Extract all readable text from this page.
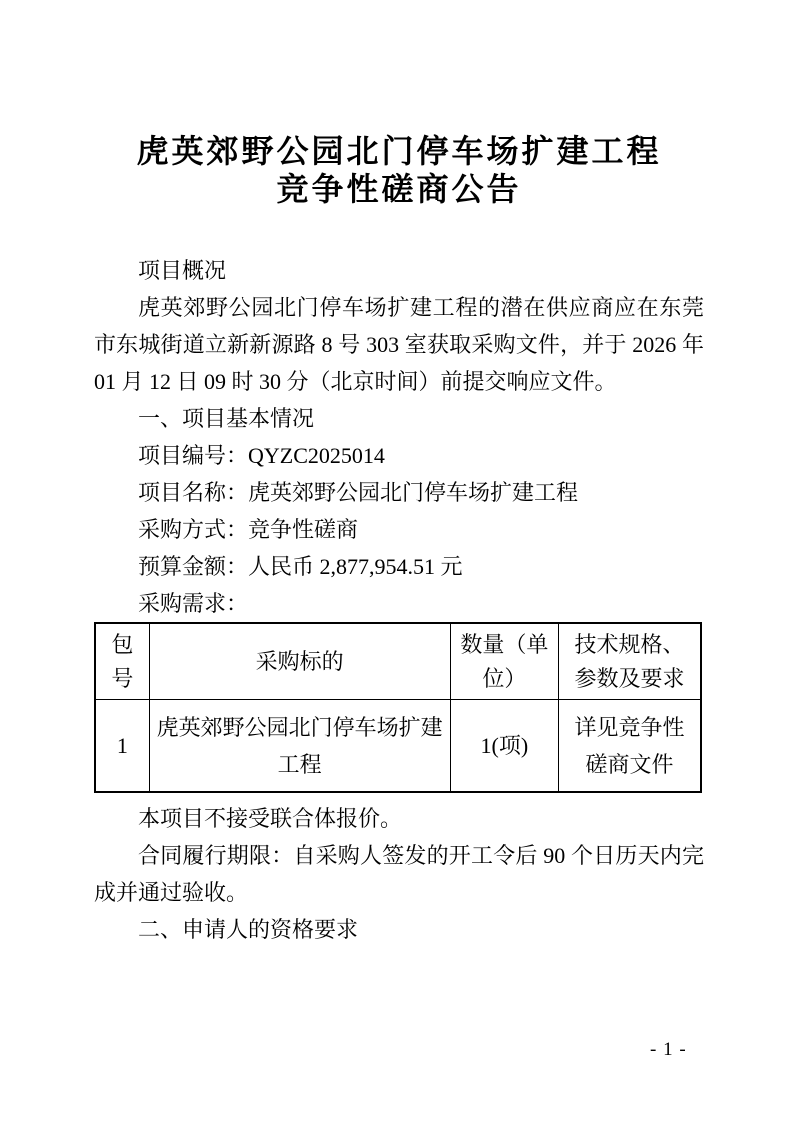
虎英郊野公园北门停车场扩建工程
竞争性磋商公告

项目概况

虎英郊野公园北门停车场扩建工程的潜在供应商应在东莞市东城街道立新新源路 8 号 303 室获取采购文件，并于 2026 年 01 月 12 日 09 时 30 分（北京时间）前提交响应文件。

一、项目基本情况

项目编号：QYZC2025014

项目名称：虎英郊野公园北门停车场扩建工程

采购方式：竞争性磋商

预算金额：人民币 2,877,954.51 元

采购需求：

包号	采购标的	数量（单位）	技术规格、参数及要求
1	虎英郊野公园北门停车场扩建工程	1(项)	详见竞争性磋商文件

本项目不接受联合体报价。

合同履行期限：自采购人签发的开工令后 90 个日历天内完成并通过验收。

二、申请人的资格要求

- 1 -
